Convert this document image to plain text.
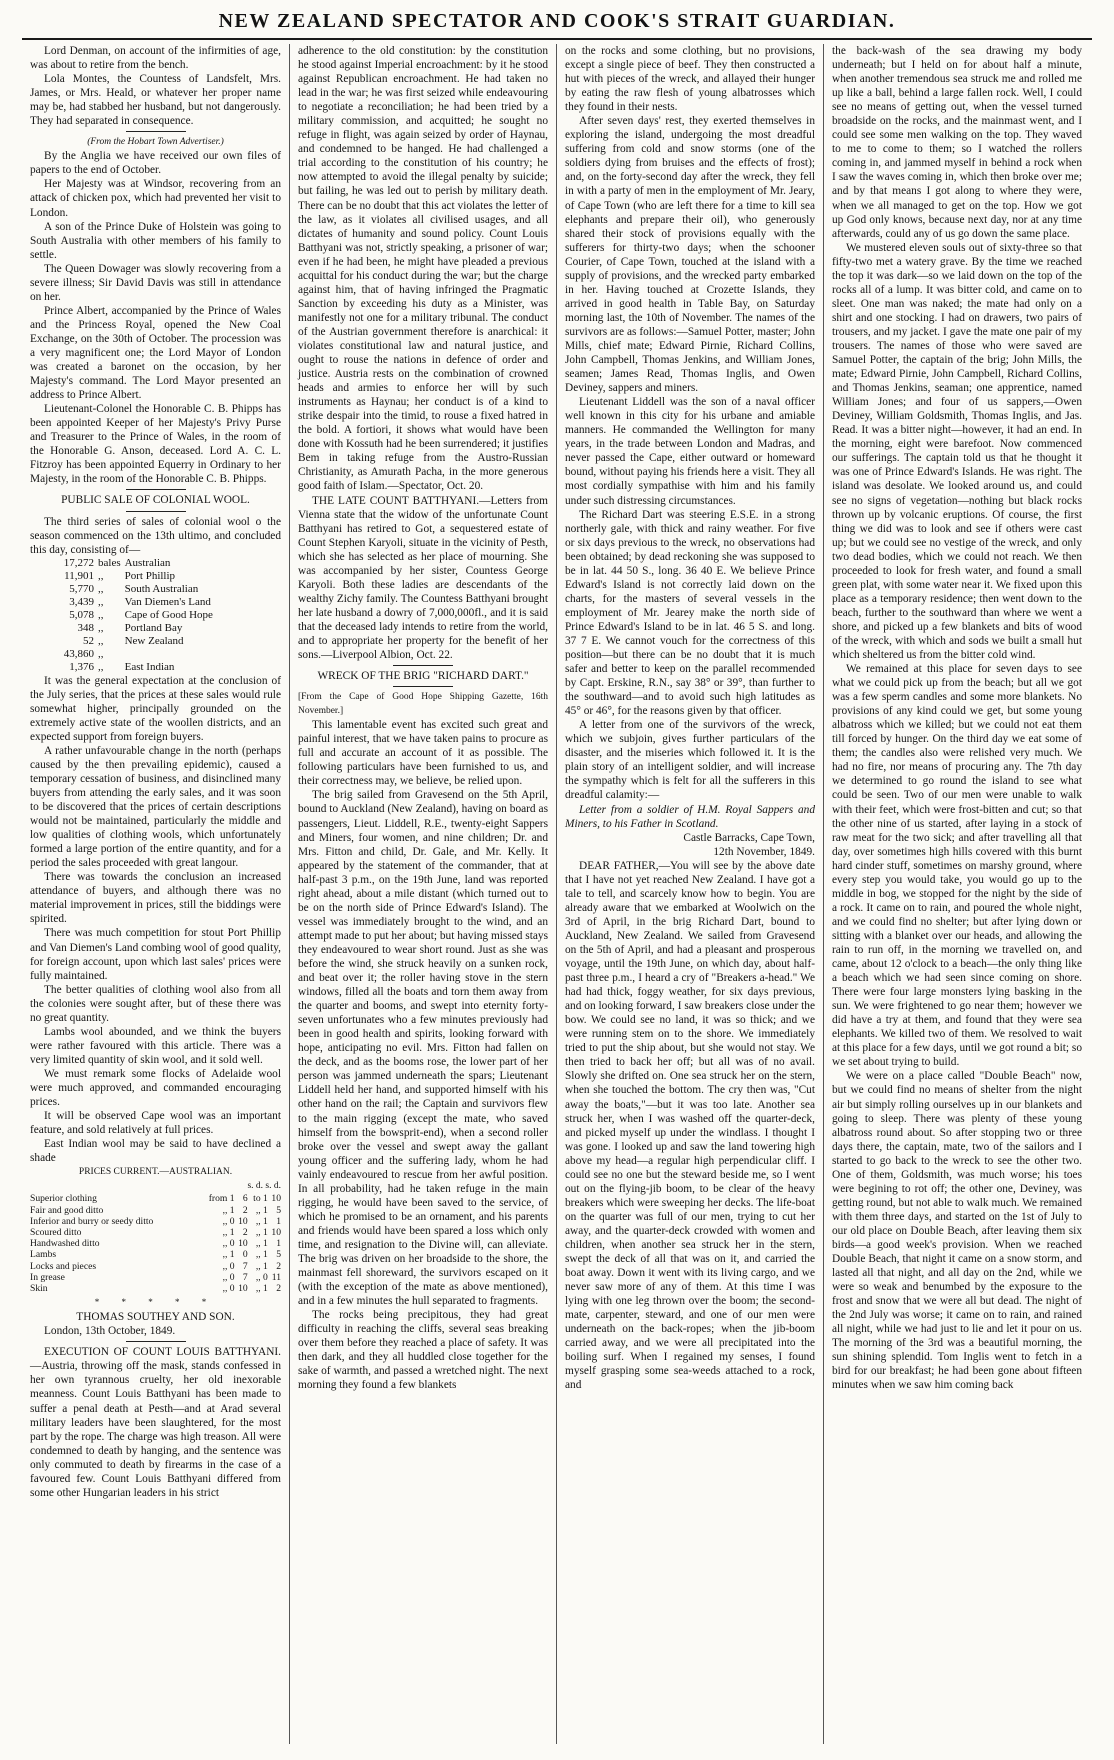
NEW ZEALAND SPECTATOR AND COOK'S STRAIT GUARDIAN.
,

Lord Denman, on account of the infirmities of age, was about to retire from the bench.

Lola Montes, the Countess of Landsfelt, Mrs. James, or Mrs. Heald, or whatever her proper name may be, had stabbed her husband, but not dangerously. They had separated in consequence.

(From the Hobart Town Advertiser.)

By the Anglia we have received our own files of papers to the end of October.

Her Majesty was at Windsor, recovering from an attack of chicken pox, which had prevented her visit to London.

A son of the Prince Duke of Holstein was going to South Australia with other members of his family to settle.

The Queen Dowager was slowly recovering from a severe illness; Sir David Davis was still in attendance on her.

Prince Albert, accompanied by the Prince of Wales and the Princess Royal, opened the New Coal Exchange, on the 30th of October. The procession was a very magnificent one; the Lord Mayor of London was created a baronet on the occasion, by her Majesty's command. The Lord Mayor presented an address to Prince Albert.

Lieutenant-Colonel the Honorable C. B. Phipps has been appointed Keeper of her Majesty's Privy Purse and Treasurer to the Prince of Wales, in the room of the Honorable G. Anson, deceased. Lord A. C. L. Fitzroy has been appointed Equerry in Ordinary to her Majesty, in the room of the Honorable C. B. Phipps.

PUBLIC SALE OF COLONIAL WOOL.

The third series of sales of colonial wool o the season commenced on the 13th ultimo, and concluded this day, consisting of—

17,272	bales	Australian
11,901	,,	Port Phillip
5,770	,,	South Australian
3,439	,,	Van Diemen's Land
5,078	,,	Cape of Good Hope
348	,,	Portland Bay
52	,,	New Zealand
43,860	,,	
1,376	,,	East Indian

It was the general expectation at the conclusion of the July series, that the prices at these sales would rule somewhat higher, principally grounded on the extremely active state of the woollen districts, and an expected support from foreign buyers.

A rather unfavourable change in the north (perhaps caused by the then prevailing epidemic), caused a temporary cessation of business, and disinclined many buyers from attending the early sales, and it was soon to be discovered that the prices of certain descriptions would not be maintained, particularly the middle and low qualities of clothing wools, which unfortunately formed a large portion of the entire quantity, and for a period the sales proceeded with great langour.

There was towards the conclusion an increased attendance of buyers, and although there was no material improvement in prices, still the biddings were spirited.

There was much competition for stout Port Phillip and Van Diemen's Land combing wool of good quality, for foreign account, upon which last sales' prices were fully maintained.

The better qualities of clothing wool also from all the colonies were sought after, but of these there was no great quantity.

Lambs wool abounded, and we think the buyers were rather favoured with this article. There was a very limited quantity of skin wool, and it sold well.

We must remark some flocks of Adelaide wool were much approved, and commanded encouraging prices.

It will be observed Cape wool was an important feature, and sold relatively at full prices.

East Indian wool may be said to have declined a shade

PRICES CURRENT.—AUSTRALIAN.

s. d. s. d.

Superior clothing	from 1	6	to 1	10
Fair and good ditto	,, 1	2	,, 1	5
Inferior and burry or seedy ditto	,, 0	10	,, 1	1
Scoured ditto	,, 1	2	,, 1	10
Handwashed ditto	,, 0	10	,, 1	1
Lambs	,, 1	0	,, 1	5
Locks and pieces	,, 0	7	,, 1	2
In grease	,, 0	7	,, 0	11
Skin	,, 0	10	,, 1	2
* * * * *

THOMAS SOUTHEY AND SON.

London, 13th October, 1849.

EXECUTION OF COUNT LOUIS BATTHYANI.—Austria, throwing off the mask, stands confessed in her own tyrannous cruelty, her old inexorable meanness. Count Louis Batthyani has been made to suffer a penal death at Pesth—and at Arad several military leaders have been slaughtered, for the most part by the rope. The charge was high treason. All were condemned to death by hanging, and the sentence was only commuted to death by firearms in the case of a favoured few. Count Louis Batthyani differed from some other Hungarian leaders in his strict

adherence to the old constitution: by the constitution he stood against Imperial encroachment: by it he stood against Republican encroachment. He had taken no lead in the war; he was first seized while endeavouring to negotiate a reconciliation; he had been tried by a military commission, and acquitted; he sought no refuge in flight, was again seized by order of Haynau, and condemned to be hanged. He had challenged a trial according to the constitution of his country; he now attempted to avoid the illegal penalty by suicide; but failing, he was led out to perish by military death. There can be no doubt that this act violates the letter of the law, as it violates all civilised usages, and all dictates of humanity and sound policy. Count Louis Batthyani was not, strictly speaking, a prisoner of war; even if he had been, he might have pleaded a previous acquittal for his conduct during the war; but the charge against him, that of having infringed the Pragmatic Sanction by exceeding his duty as a Minister, was manifestly not one for a military tribunal. The conduct of the Austrian government therefore is anarchical: it violates constitutional law and natural justice, and ought to rouse the nations in defence of order and justice. Austria rests on the combination of crowned heads and armies to enforce her will by such instruments as Haynau; her conduct is of a kind to strike despair into the timid, to rouse a fixed hatred in the bold. A fortiori, it shows what would have been done with Kossuth had he been surrendered; it justifies Bem in taking refuge from the Austro-Russian Christianity, as Amurath Pacha, in the more generous good faith of Islam.—Spectator, Oct. 20.

THE LATE COUNT BATTHYANI.—Letters from Vienna state that the widow of the unfortunate Count Batthyani has retired to Got, a sequestered estate of Count Stephen Karyoli, situate in the vicinity of Pesth, which she has selected as her place of mourning. She was accompanied by her sister, Countess George Karyoli. Both these ladies are descendants of the wealthy Zichy family. The Countess Batthyani brought her late husband a dowry of 7,000,000fl., and it is said that the deceased lady intends to retire from the world, and to appropriate her property for the benefit of her sons.—Liverpool Albion, Oct. 22.

WRECK OF THE BRIG "RICHARD DART."

[From the Cape of Good Hope Shipping Gazette, 16th November.]

This lamentable event has excited such great and painful interest, that we have taken pains to procure as full and accurate an account of it as possible. The following particulars have been furnished to us, and their correctness may, we believe, be relied upon.

The brig sailed from Gravesend on the 5th April, bound to Auckland (New Zealand), having on board as passengers, Lieut. Liddell, R.E., twenty-eight Sappers and Miners, four women, and nine children; Dr. and Mrs. Fitton and child, Dr. Gale, and Mr. Kelly. It appeared by the statement of the commander, that at half-past 3 p.m., on the 19th June, land was reported right ahead, about a mile distant (which turned out to be on the north side of Prince Edward's Island). The vessel was immediately brought to the wind, and an attempt made to put her about; but having missed stays they endeavoured to wear short round. Just as she was before the wind, she struck heavily on a sunken rock, and beat over it; the roller having stove in the stern windows, filled all the boats and torn them away from the quarter and booms, and swept into eternity forty-seven unfortunates who a few minutes previously had been in good health and spirits, looking forward with hope, anticipating no evil. Mrs. Fitton had fallen on the deck, and as the booms rose, the lower part of her person was jammed underneath the spars; Lieutenant Liddell held her hand, and supported himself with his other hand on the rail; the Captain and survivors flew to the main rigging (except the mate, who saved himself from the bowsprit-end), when a second roller broke over the vessel and swept away the gallant young officer and the suffering lady, whom he had vainly endeavoured to rescue from her awful position. In all probability, had he taken refuge in the main rigging, he would have been saved to the service, of which he promised to be an ornament, and his parents and friends would have been spared a loss which only time, and resignation to the Divine will, can alleviate. The brig was driven on her broadside to the shore, the mainmast fell shoreward, the survivors escaped on it (with the exception of the mate as above mentioned), and in a few minutes the hull separated to fragments.

The rocks being precipitous, they had great difficulty in reaching the cliffs, several seas breaking over them before they reached a place of safety. It was then dark, and they all huddled close together for the sake of warmth, and passed a wretched night. The next morning they found a few blankets

on the rocks and some clothing, but no provisions, except a single piece of beef. They then constructed a hut with pieces of the wreck, and allayed their hunger by eating the raw flesh of young albatrosses which they found in their nests.

After seven days' rest, they exerted themselves in exploring the island, undergoing the most dreadful suffering from cold and snow storms (one of the soldiers dying from bruises and the effects of frost); and, on the forty-second day after the wreck, they fell in with a party of men in the employment of Mr. Jeary, of Cape Town (who are left there for a time to kill sea elephants and prepare their oil), who generously shared their stock of provisions equally with the sufferers for thirty-two days; when the schooner Courier, of Cape Town, touched at the island with a supply of provisions, and the wrecked party embarked in her. Having touched at Crozette Islands, they arrived in good health in Table Bay, on Saturday morning last, the 10th of November. The names of the survivors are as follows:—Samuel Potter, master; John Mills, chief mate; Edward Pirnie, Richard Collins, John Campbell, Thomas Jenkins, and William Jones, seamen; James Read, Thomas Inglis, and Owen Deviney, sappers and miners.

Lieutenant Liddell was the son of a naval officer well known in this city for his urbane and amiable manners. He commanded the Wellington for many years, in the trade between London and Madras, and never passed the Cape, either outward or homeward bound, without paying his friends here a visit. They all most cordially sympathise with him and his family under such distressing circumstances.

The Richard Dart was steering E.S.E. in a strong northerly gale, with thick and rainy weather. For five or six days previous to the wreck, no observations had been obtained; by dead reckoning she was supposed to be in lat. 44 50 S., long. 36 40 E. We believe Prince Edward's Island is not correctly laid down on the charts, for the masters of several vessels in the employment of Mr. Jearey make the north side of Prince Edward's Island to be in lat. 46 5 S. and long. 37 7 E. We cannot vouch for the correctness of this position—but there can be no doubt that it is much safer and better to keep on the parallel recommended by Capt. Erskine, R.N., say 38° or 39°, than further to the southward—and to avoid such high latitudes as 45° or 46°, for the reasons given by that officer.

A letter from one of the survivors of the wreck, which we subjoin, gives further particulars of the disaster, and the miseries which followed it. It is the plain story of an intelligent soldier, and will increase the sympathy which is felt for all the sufferers in this dreadful calamity:—

Letter from a soldier of H.M. Royal Sappers and Miners, to his Father in Scotland.

Castle Barracks, Cape Town,

12th November, 1849.

DEAR FATHER,—You will see by the above date that I have not yet reached New Zealand. I have got a tale to tell, and scarcely know how to begin. You are already aware that we embarked at Woolwich on the 3rd of April, in the brig Richard Dart, bound to Auckland, New Zealand. We sailed from Gravesend on the 5th of April, and had a pleasant and prosperous voyage, until the 19th June, on which day, about half-past three p.m., I heard a cry of "Breakers a-head." We had had thick, foggy weather, for six days previous, and on looking forward, I saw breakers close under the bow. We could see no land, it was so thick; and we were running stem on to the shore. We immediately tried to put the ship about, but she would not stay. We then tried to back her off; but all was of no avail. Slowly she drifted on. One sea struck her on the stern, when she touched the bottom. The cry then was, "Cut away the boats,"—but it was too late. Another sea struck her, when I was washed off the quarter-deck, and picked myself up under the windlass. I thought I was gone. I looked up and saw the land towering high above my head—a regular high perpendicular cliff. I could see no one but the steward beside me, so I went out on the flying-jib boom, to be clear of the heavy breakers which were sweeping her decks. The life-boat on the quarter was full of our men, trying to cut her away, and the quarter-deck crowded with women and children, when another sea struck her in the stern, swept the deck of all that was on it, and carried the boat away. Down it went with its living cargo, and we never saw more of any of them. At this time I was lying with one leg thrown over the boom; the second-mate, carpenter, steward, and one of our men were underneath on the back-ropes; when the jib-boom carried away, and we were all precipitated into the boiling surf. When I regained my senses, I found myself grasping some sea-weeds attached to a rock, and

the back-wash of the sea drawing my body underneath; but I held on for about half a minute, when another tremendous sea struck me and rolled me up like a ball, behind a large fallen rock. Well, I could see no means of getting out, when the vessel turned broadside on the rocks, and the mainmast went, and I could see some men walking on the top. They waved to me to come to them; so I watched the rollers coming in, and jammed myself in behind a rock when I saw the waves coming in, which then broke over me; and by that means I got along to where they were, when we all managed to get on the top. How we got up God only knows, because next day, nor at any time afterwards, could any of us go down the same place.

We mustered eleven souls out of sixty-three so that fifty-two met a watery grave. By the time we reached the top it was dark—so we laid down on the top of the rocks all of a lump. It was bitter cold, and came on to sleet. One man was naked; the mate had only on a shirt and one stocking. I had on drawers, two pairs of trousers, and my jacket. I gave the mate one pair of my trousers. The names of those who were saved are Samuel Potter, the captain of the brig; John Mills, the mate; Edward Pirnie, John Campbell, Richard Collins, and Thomas Jenkins, seaman; one apprentice, named William Jones; and four of us sappers,—Owen Deviney, William Goldsmith, Thomas Inglis, and Jas. Read. It was a bitter night—however, it had an end. In the morning, eight were barefoot. Now commenced our sufferings. The captain told us that he thought it was one of Prince Edward's Islands. He was right. The island was desolate. We looked around us, and could see no signs of vegetation—nothing but black rocks thrown up by volcanic eruptions. Of course, the first thing we did was to look and see if others were cast up; but we could see no vestige of the wreck, and only two dead bodies, which we could not reach. We then proceeded to look for fresh water, and found a small green plat, with some water near it. We fixed upon this place as a temporary residence; then went down to the beach, further to the southward than where we went a shore, and picked up a few blankets and bits of wood of the wreck, with which and sods we built a small hut which sheltered us from the bitter cold wind.

We remained at this place for seven days to see what we could pick up from the beach; but all we got was a few sperm candles and some more blankets. No provisions of any kind could we get, but some young albatross which we killed; but we could not eat them till forced by hunger. On the third day we eat some of them; the candles also were relished very much. We had no fire, nor means of procuring any. The 7th day we determined to go round the island to see what could be seen. Two of our men were unable to walk with their feet, which were frost-bitten and cut; so that the other nine of us started, after laying in a stock of raw meat for the two sick; and after travelling all that day, over sometimes high hills covered with this burnt hard cinder stuff, sometimes on marshy ground, where every step you would take, you would go up to the middle in bog, we stopped for the night by the side of a rock. It came on to rain, and poured the whole night, and we could find no shelter; but after lying down or sitting with a blanket over our heads, and allowing the rain to run off, in the morning we travelled on, and came, about 12 o'clock to a beach—the only thing like a beach which we had seen since coming on shore. There were four large monsters lying basking in the sun. We were frightened to go near them; however we did have a try at them, and found that they were sea elephants. We killed two of them. We resolved to wait at this place for a few days, until we got round a bit; so we set about trying to build.

We were on a place called "Double Beach" now, but we could find no means of shelter from the night air but simply rolling ourselves up in our blankets and going to sleep. There was plenty of these young albatross round about. So after stopping two or three days there, the captain, mate, two of the sailors and I started to go back to the wreck to see the other two. One of them, Goldsmith, was much worse; his toes were begining to rot off; the other one, Deviney, was getting round, but not able to walk much. We remained with them three days, and started on the 1st of July to our old place on Double Beach, after leaving them six birds—a good week's provision. When we reached Double Beach, that night it came on a snow storm, and lasted all that night, and all day on the 2nd, while we were so weak and benumbed by the exposure to the frost and snow that we were all but dead. The night of the 2nd July was worse; it came on to rain, and rained all night, while we had just to lie and let it pour on us. The morning of the 3rd was a beautiful morning, the sun shining splendid. Tom Inglis went to fetch in a bird for our breakfast; he had been gone about fifteen minutes when we saw him coming back
